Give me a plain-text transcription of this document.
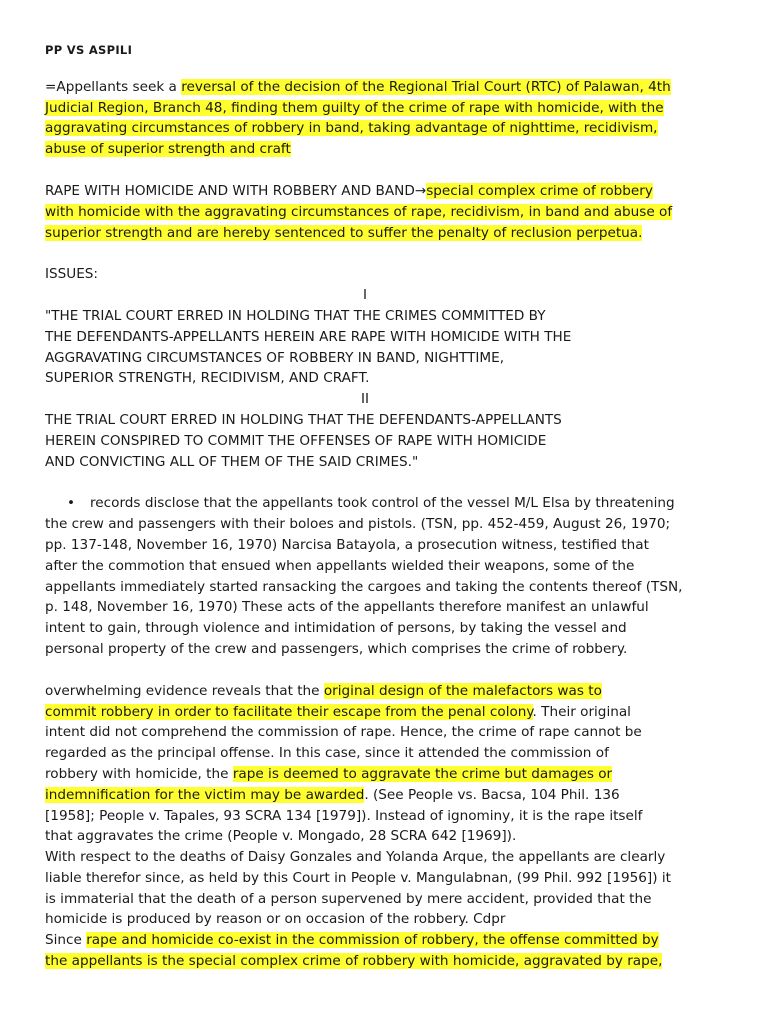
PP VS ASPILI

=Appellants seek a reversal of the decision of the Regional Trial Court (RTC) of Palawan, 4th Judicial Region, Branch 48, finding them guilty of the crime of rape with homicide, with the aggravating circumstances of robbery in band, taking advantage of nighttime, recidivism, abuse of superior strength and craft

RAPE WITH HOMICIDE AND WITH ROBBERY AND BAND→special complex crime of robbery with homicide with the aggravating circumstances of rape, recidivism, in band and abuse of superior strength and are hereby sentenced to suffer the penalty of reclusion perpetua.

ISSUES:

I

"THE TRIAL COURT ERRED IN HOLDING THAT THE CRIMES COMMITTED BY THE DEFENDANTS-APPELLANTS HEREIN ARE RAPE WITH HOMICIDE WITH THE AGGRAVATING CIRCUMSTANCES OF ROBBERY IN BAND, NIGHTTIME, SUPERIOR STRENGTH, RECIDIVISM, AND CRAFT.

II

THE TRIAL COURT ERRED IN HOLDING THAT THE DEFENDANTS-APPELLANTS HEREIN CONSPIRED TO COMMIT THE OFFENSES OF RAPE WITH HOMICIDE AND CONVICTING ALL OF THEM OF THE SAID CRIMES."

• records disclose that the appellants took control of the vessel M/L Elsa by threatening

the crew and passengers with their boloes and pistols. (TSN, pp. 452-459, August 26, 1970; pp. 137-148, November 16, 1970) Narcisa Batayola, a prosecution witness, testified that after the commotion that ensued when appellants wielded their weapons, some of the appellants immediately started ransacking the cargoes and taking the contents thereof (TSN, p. 148, November 16, 1970) These acts of the appellants therefore manifest an unlawful intent to gain, through violence and intimidation of persons, by taking the vessel and personal property of the crew and passengers, which comprises the crime of robbery.

overwhelming evidence reveals that the original design of the malefactors was to commit robbery in order to facilitate their escape from the penal colony. Their original intent did not comprehend the commission of rape. Hence, the crime of rape cannot be regarded as the principal offense. In this case, since it attended the commission of robbery with homicide, the rape is deemed to aggravate the crime but damages or indemnification for the victim may be awarded. (See People vs. Bacsa, 104 Phil. 136 [1958]; People v. Tapales, 93 SCRA 134 [1979]). Instead of ignominy, it is the rape itself that aggravates the crime (People v. Mongado, 28 SCRA 642 [1969]).

With respect to the deaths of Daisy Gonzales and Yolanda Arque, the appellants are clearly liable therefor since, as held by this Court in People v. Mangulabnan, (99 Phil. 992 [1956]) it is immaterial that the death of a person supervened by mere accident, provided that the homicide is produced by reason or on occasion of the robbery. Cdpr

Since rape and homicide co-exist in the commission of robbery, the offense committed by the appellants is the special complex crime of robbery with homicide, aggravated by rape,
